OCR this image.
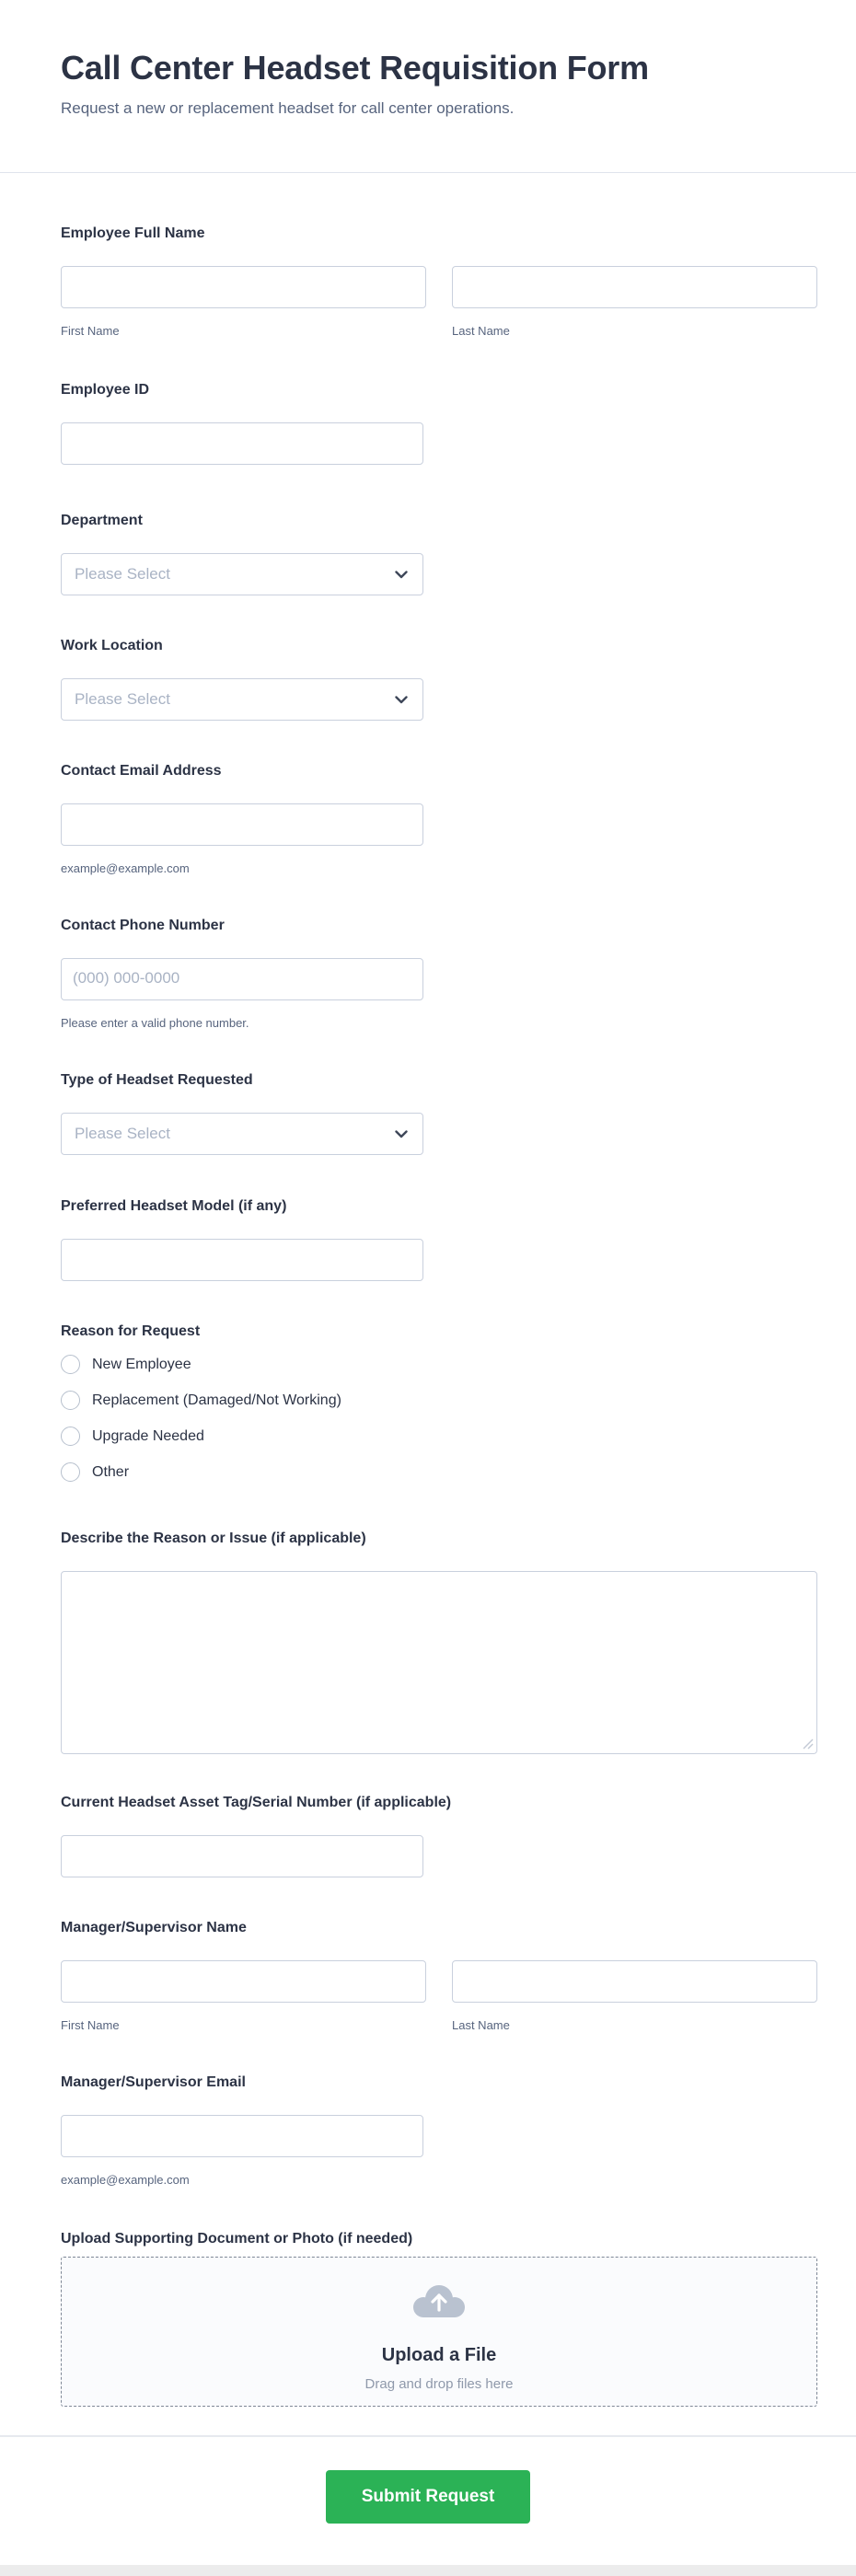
Call Center Headset Requisition Form

Request a new or replacement headset for call center operations.

Employee Full Name
First Name	Last Name
Employee ID
Department
Please Select
Work Location
Please Select
Contact Email Address
example@example.com
Contact Phone Number
(000) 000-0000
Please enter a valid phone number.
Type of Headset Requested
Please Select
Preferred Headset Model (if any)
Reason for Request
New Employee
Replacement (Damaged/Not Working)
Upgrade Needed
Other
Describe the Reason or Issue (if applicable)
Current Headset Asset Tag/Serial Number (if applicable)
Manager/Supervisor Name
First Name	Last Name
Manager/Supervisor Email
example@example.com
Upload Supporting Document or Photo (if needed)
Upload a File
Drag and drop files here
Submit Request
